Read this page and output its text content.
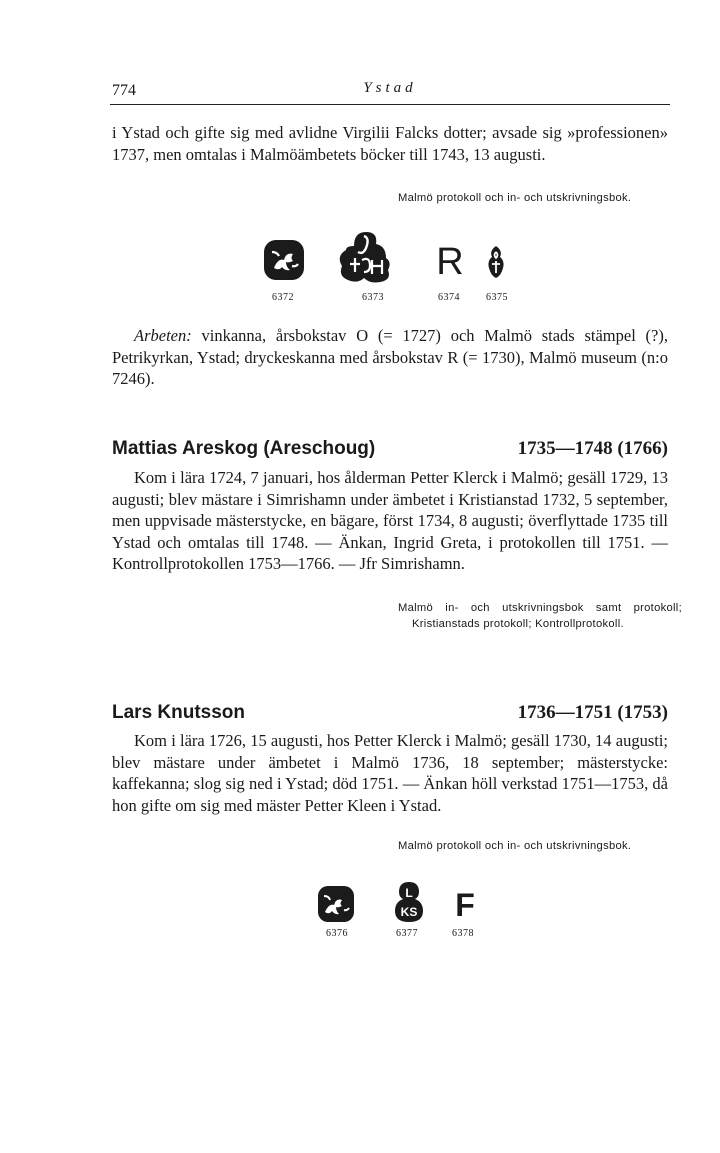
774	Ystad

i Ystad och gifte sig med avlidne Virgilii Falcks dotter; avsade sig »professionen» 1737, men omtalas i Malmöämbetets böcker till 1743, 13 augusti.

Malmö protokoll och in- och utskrivningsbok.

6372	6373
R
6374	6375

Arbeten: vinkanna, årsbokstav O (= 1727) och Malmö stads stämpel (?), Petrikyrkan, Ystad; dryckeskanna med årsbokstav R (= 1730), Malmö museum (n:o 7246).

Mattias Areskog (Areschoug)	1735—1748 (1766)

Kom i lära 1724, 7 januari, hos ålderman Petter Klerck i Malmö; gesäll 1729, 13 augusti; blev mästare i Simrishamn under ämbetet i Kristianstad 1732, 5 september, men uppvisade mästerstycke, en bägare, först 1734, 8 augusti; överflyttade 1735 till Ystad och omtalas till 1748. — Änkan, Ingrid Greta, i protokollen till 1751. — Kontrollprotokollen 1753—1766. — Jfr Simrishamn.

Malmö in- och utskrivningsbok samt protokoll; Kristianstads protokoll; Kontrollprotokoll.

Lars Knutsson	1736—1751 (1753)

Kom i lära 1726, 15 augusti, hos Petter Klerck i Malmö; gesäll 1730, 14 augusti; blev mästare under ämbetet i Malmö 1736, 18 september; mästerstycke: kaffekanna; slog sig ned i Ystad; död 1751. — Änkan höll verkstad 1751—1753, då hon gifte om sig med mäster Petter Kleen i Ystad.

Malmö protokoll och in- och utskrivningsbok.

6376
L
KS
6377
F
6378
